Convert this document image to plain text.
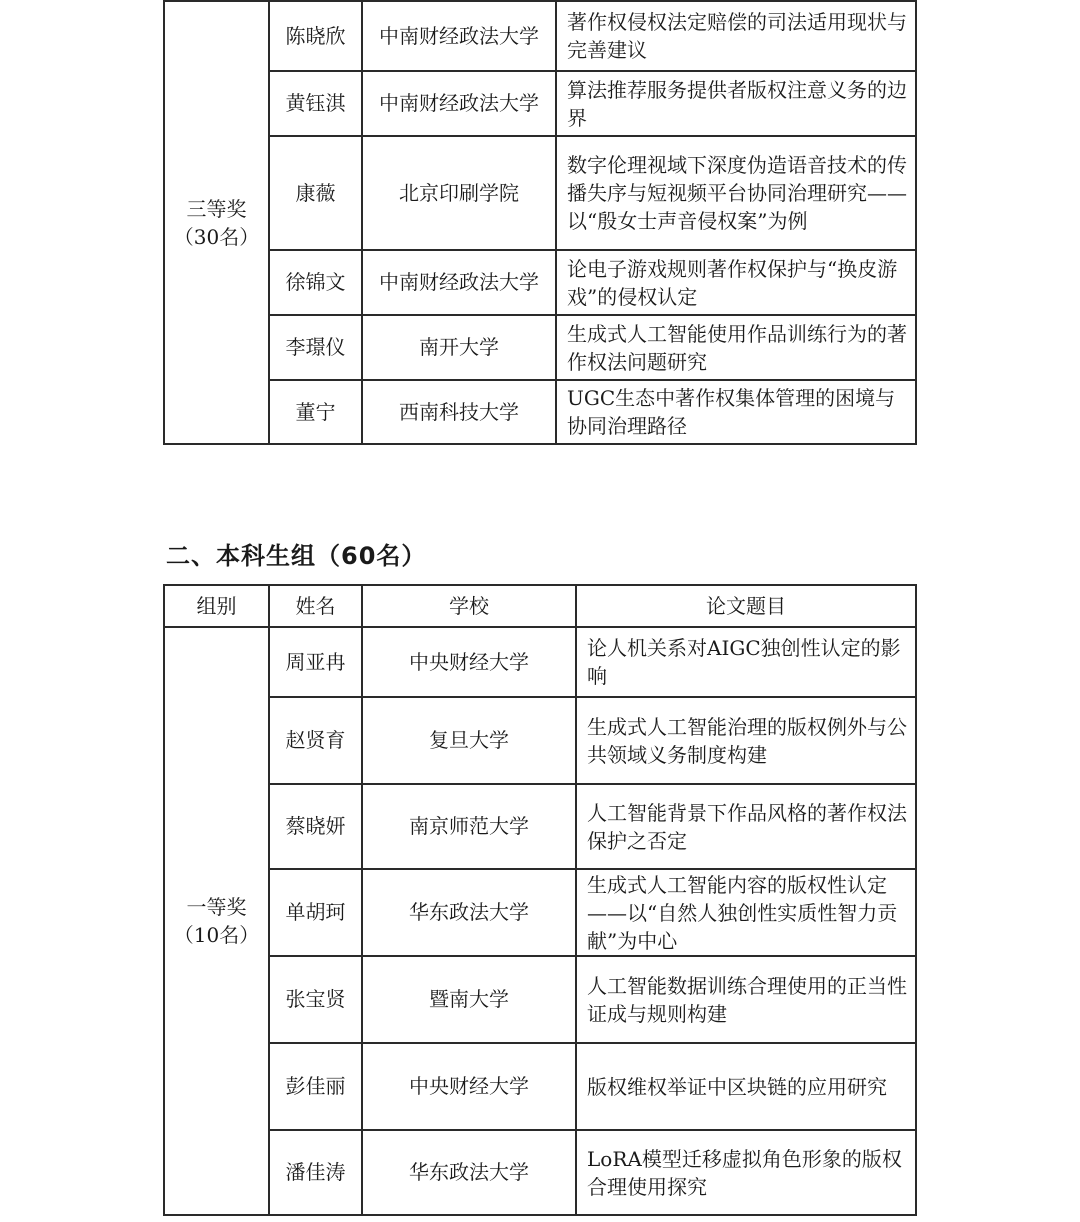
三等奖
（30名）	陈晓欣	中南财经政法大学	著作权侵权法定赔偿的司法适用现状与完善建议
	黄钰淇	中南财经政法大学	算法推荐服务提供者版权注意义务的边界
	康薇	北京印刷学院	数字伦理视域下深度伪造语音技术的传播失序与短视频平台协同治理研究——以“殷女士声音侵权案”为例
	徐锦文	中南财经政法大学	论电子游戏规则著作权保护与“换皮游戏”的侵权认定
	李璟仪	南开大学	生成式人工智能使用作品训练行为的著作权法问题研究
	董宁	西南科技大学	UGC生态中著作权集体管理的困境与协同治理路径
二、本科生组（60名）
组别	姓名	学校	论文题目

一等奖
（10名）	周亚冉	中央财经大学	论人机关系对AIGC独创性认定的影响
	赵贤育	复旦大学	生成式人工智能治理的版权例外与公共领域义务制度构建
	蔡晓妍	南京师范大学	人工智能背景下作品风格的著作权法保护之否定
	单胡珂	华东政法大学	生成式人工智能内容的版权性认定——以“自然人独创性实质性智力贡献”为中心
	张宝贤	暨南大学	人工智能数据训练合理使用的正当性证成与规则构建
	彭佳丽	中央财经大学	版权维权举证中区块链的应用研究
	潘佳涛	华东政法大学	LoRA模型迁移虚拟角色形象的版权合理使用探究
